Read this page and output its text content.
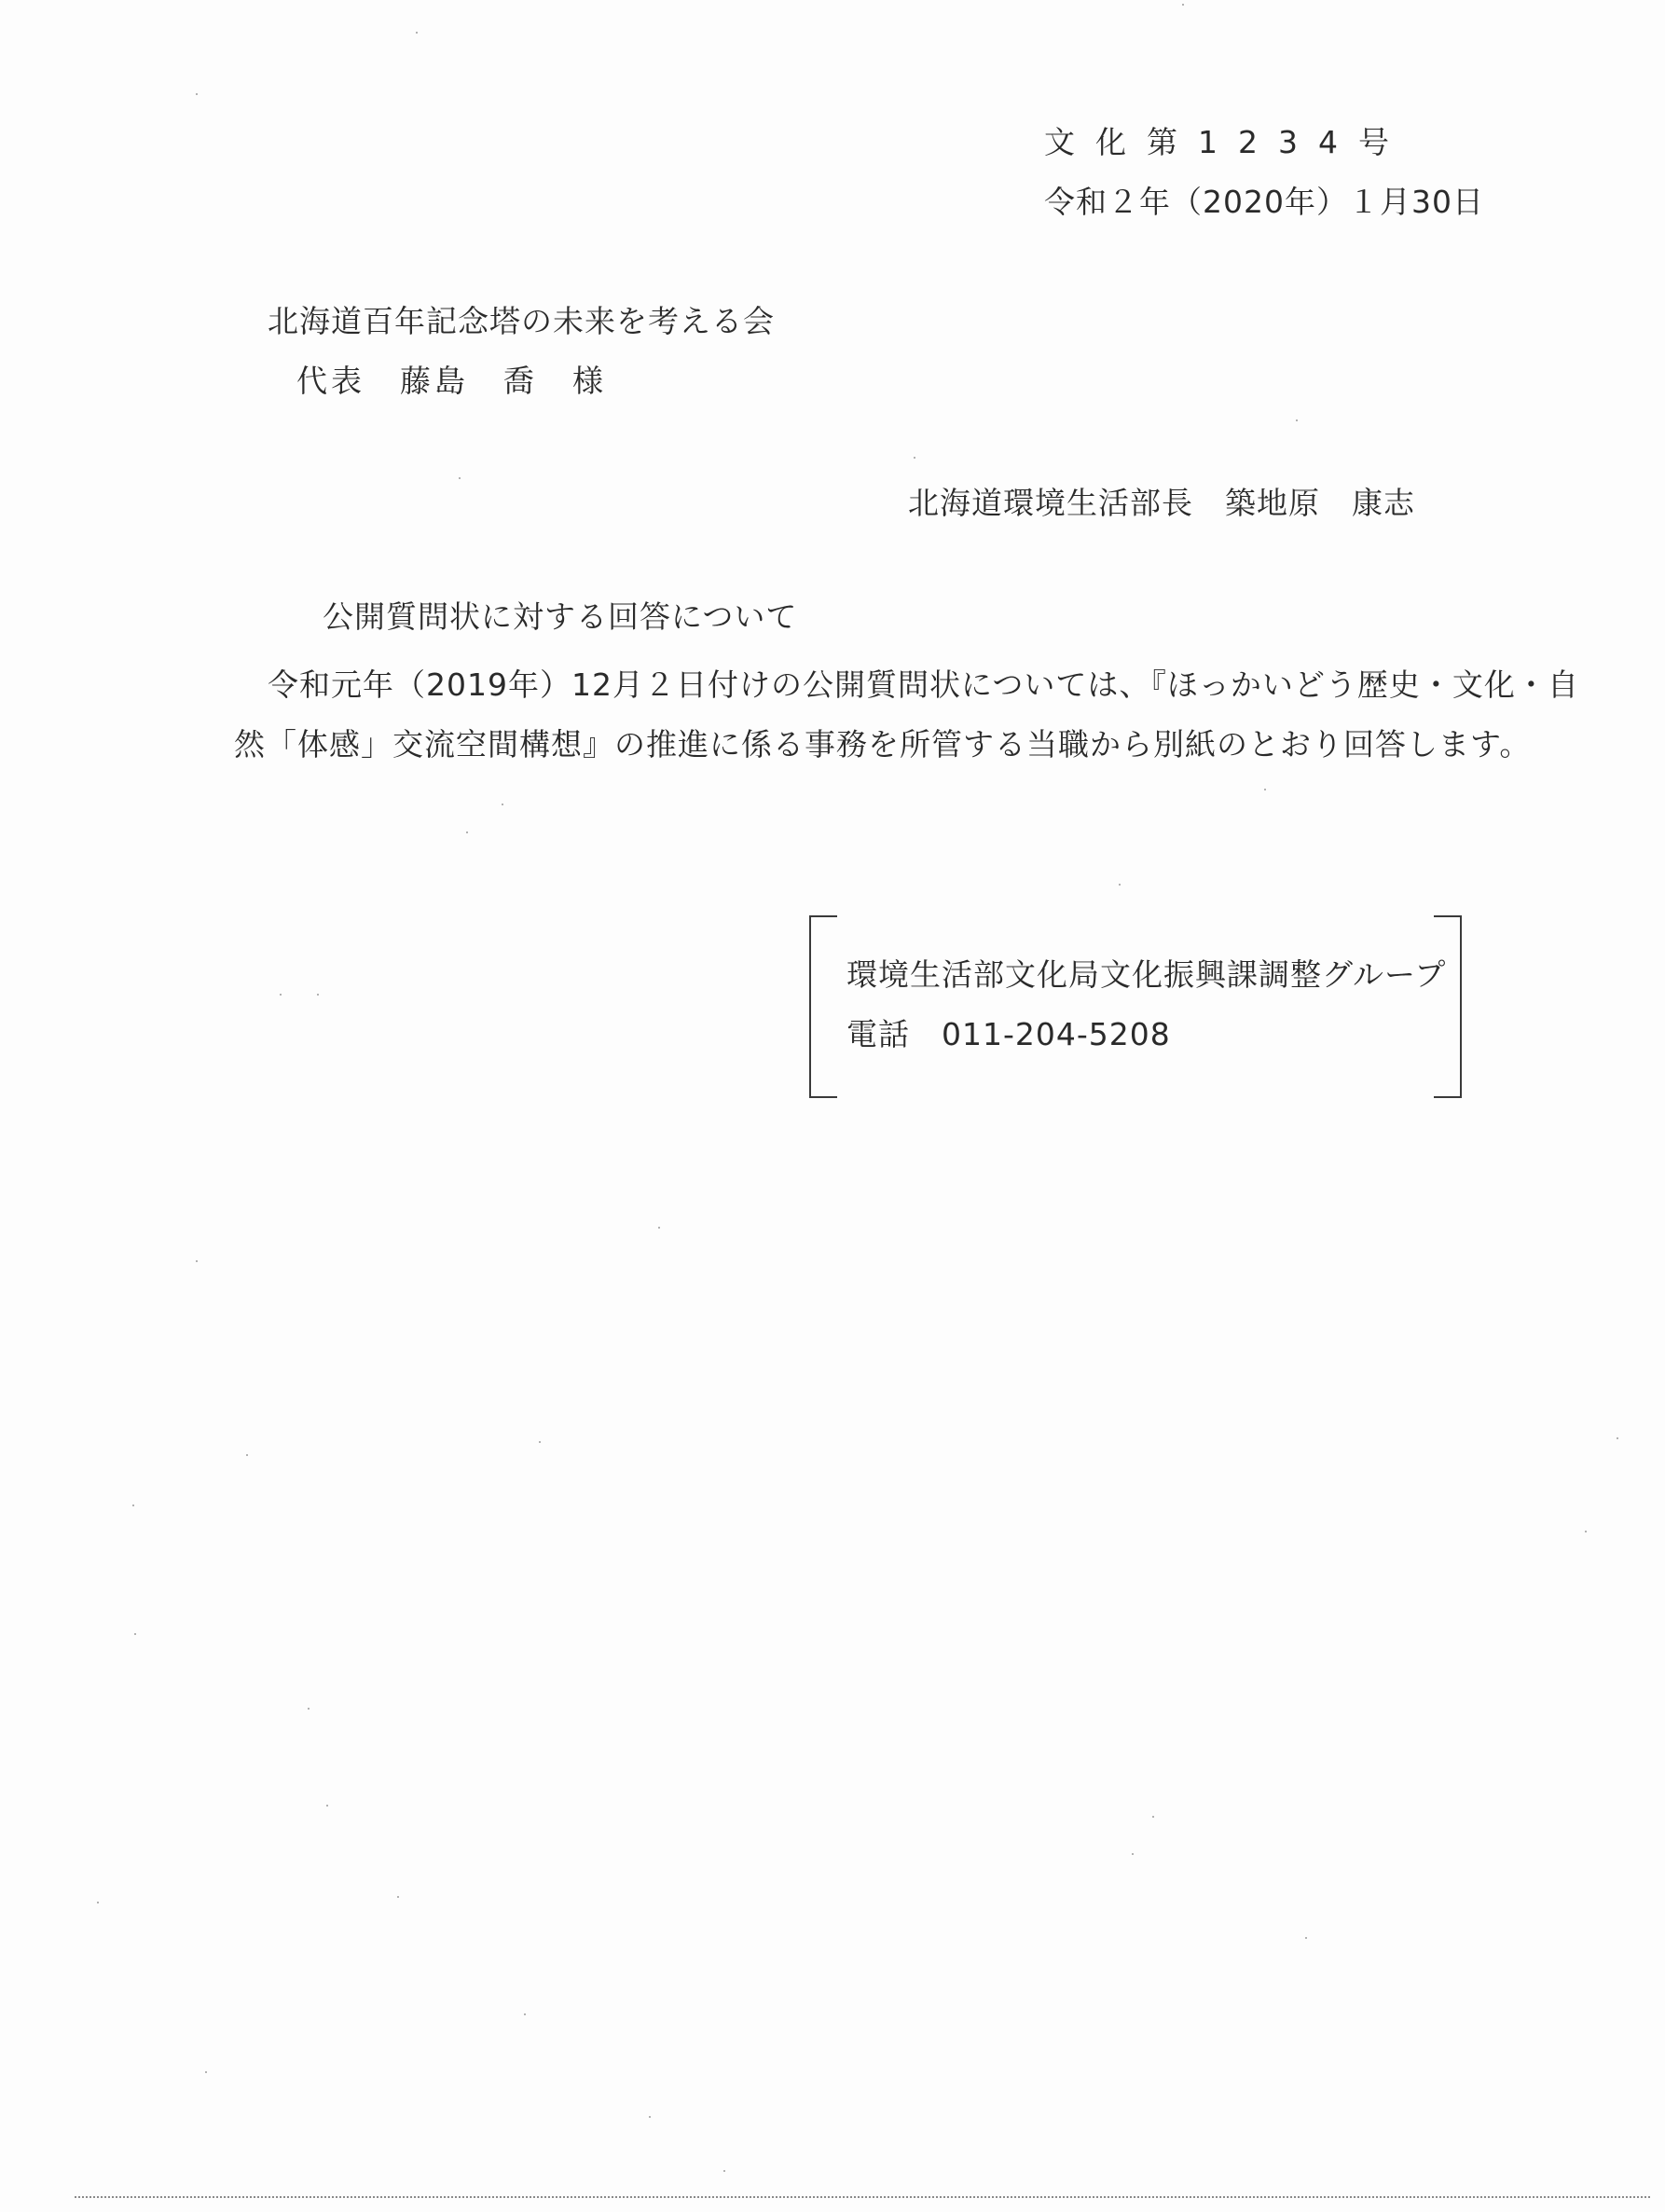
文化第1234号
令和２年（2020年）１月30日
北海道百年記念塔の未来を考える会
代表　藤島　喬　様
北海道環境生活部長　築地原　康志
公開質問状に対する回答について
令和元年（2019年）12月２日付けの公開質問状については、『ほっかいどう歴史・文化・自
然「体感」交流空間構想』の推進に係る事務を所管する当職から別紙のとおり回答します。
環境生活部文化局文化振興課調整グループ
電話　011-204-5208
